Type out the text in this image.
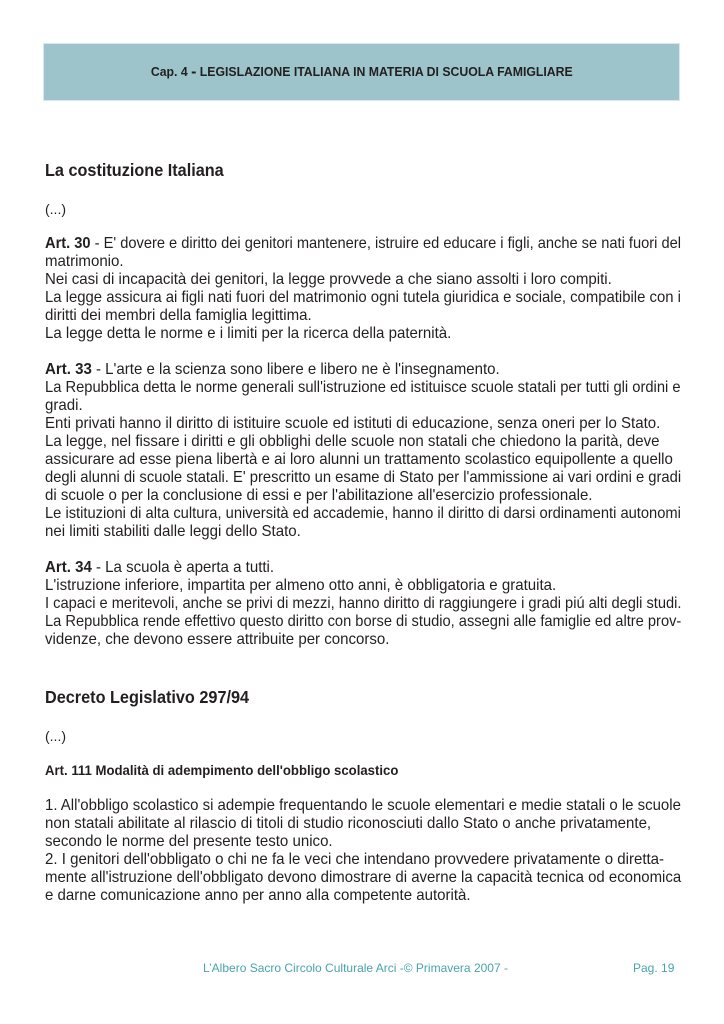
Cap. 4 - LEGISLAZIONE ITALIANA IN MATERIA DI SCUOLA FAMIGLIARE
La costituzione Italiana

(...)

Art. 30 - E' dovere e diritto dei genitori mantenere, istruire ed educare i figli, anche se nati fuori del
matrimonio.
Nei casi di incapacità dei genitori, la legge provvede a che siano assolti i loro compiti.
La legge assicura ai figli nati fuori del matrimonio ogni tutela giuridica e sociale, compatibile con i
diritti dei membri della famiglia legittima.
La legge detta le norme e i limiti per la ricerca della paternità.
Art. 33 - L'arte e la scienza sono libere e libero ne è l'insegnamento.
La Repubblica detta le norme generali sull'istruzione ed istituisce scuole statali per tutti gli ordini e
gradi.
Enti privati hanno il diritto di istituire scuole ed istituti di educazione, senza oneri per lo Stato.
La legge, nel fissare i diritti e gli obblighi delle scuole non statali che chiedono la parità, deve
assicurare ad esse piena libertà e ai loro alunni un trattamento scolastico equipollente a quello
degli alunni di scuole statali. E' prescritto un esame di Stato per l'ammissione ai vari ordini e gradi
di scuole o per la conclusione di essi e per l'abilitazione all'esercizio professionale.
Le istituzioni di alta cultura, università ed accademie, hanno il diritto di darsi ordinamenti autonomi
nei limiti stabiliti dalle leggi dello Stato.
Art. 34 - La scuola è aperta a tutti.
L'istruzione inferiore, impartita per almeno otto anni, è obbligatoria e gratuita.
I capaci e meritevoli, anche se privi di mezzi, hanno diritto di raggiungere i gradi piú alti degli studi.
La Repubblica rende effettivo questo diritto con borse di studio, assegni alle famiglie ed altre prov-
videnze, che devono essere attribuite per concorso.
Decreto Legislativo 297/94

(...)

Art. 111 Modalità di adempimento dell'obbligo scolastico
1. All'obbligo scolastico si adempie frequentando le scuole elementari e medie statali o le scuole
non statali abilitate al rilascio di titoli di studio riconosciuti dallo Stato o anche privatamente,
secondo le norme del presente testo unico.
2. I genitori dell'obbligato o chi ne fa le veci che intendano provvedere privatamente o diretta-
mente all'istruzione dell'obbligato devono dimostrare di averne la capacità tecnica od economica
e darne comunicazione anno per anno alla competente autorità.
L’Albero Sacro Circolo Culturale Arci -© Primavera 2007 -	Pag. 19
